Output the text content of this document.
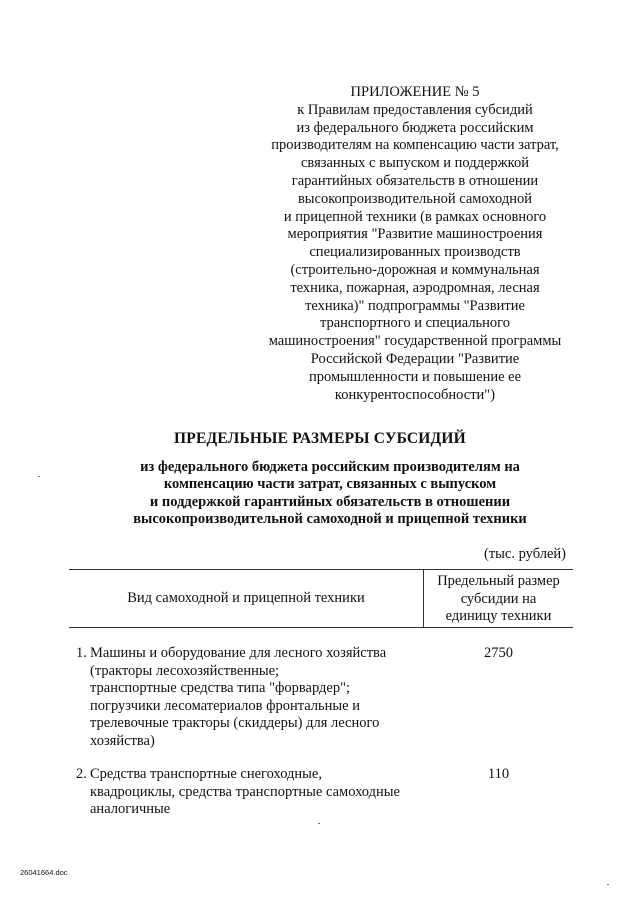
ПРИЛОЖЕНИЕ № 5
к Правилам предоставления субсидий
из федерального бюджета российским
производителям на компенсацию части затрат,
связанных с выпуском и поддержкой
гарантийных обязательств в отношении
высокопроизводительной самоходной
и прицепной техники (в рамках основного
мероприятия "Развитие машиностроения
специализированных производств
(строительно-дорожная и коммунальная
техника, пожарная, аэродромная, лесная
техника)" подпрограммы "Развитие
транспортного и специального
машиностроения" государственной программы
Российской Федерации "Развитие
промышленности и повышение ее
конкурентоспособности")
ПРЕДЕЛЬНЫЕ РАЗМЕРЫ СУБСИДИЙ
из федерального бюджета российским производителям на
компенсацию части затрат, связанных с выпуском
и поддержкой гарантийных обязательств в отношении
высокопроизводительной самоходной и прицепной техники
(тыс. рублей)
Вид самоходной и прицепной техники
Предельный размер
субсидии на
единицу техники
1. Машины и оборудование для лесного хозяйства
(тракторы лесохозяйственные;
транспортные средства типа "форвардер";
погрузчики лесоматериалов фронтальные и
трелевочные тракторы (скиддеры) для лесного
хозяйства)
2750
2. Средства транспортные снегоходные,
квадроциклы, средства транспортные самоходные
аналогичные
110
26041664.doc
